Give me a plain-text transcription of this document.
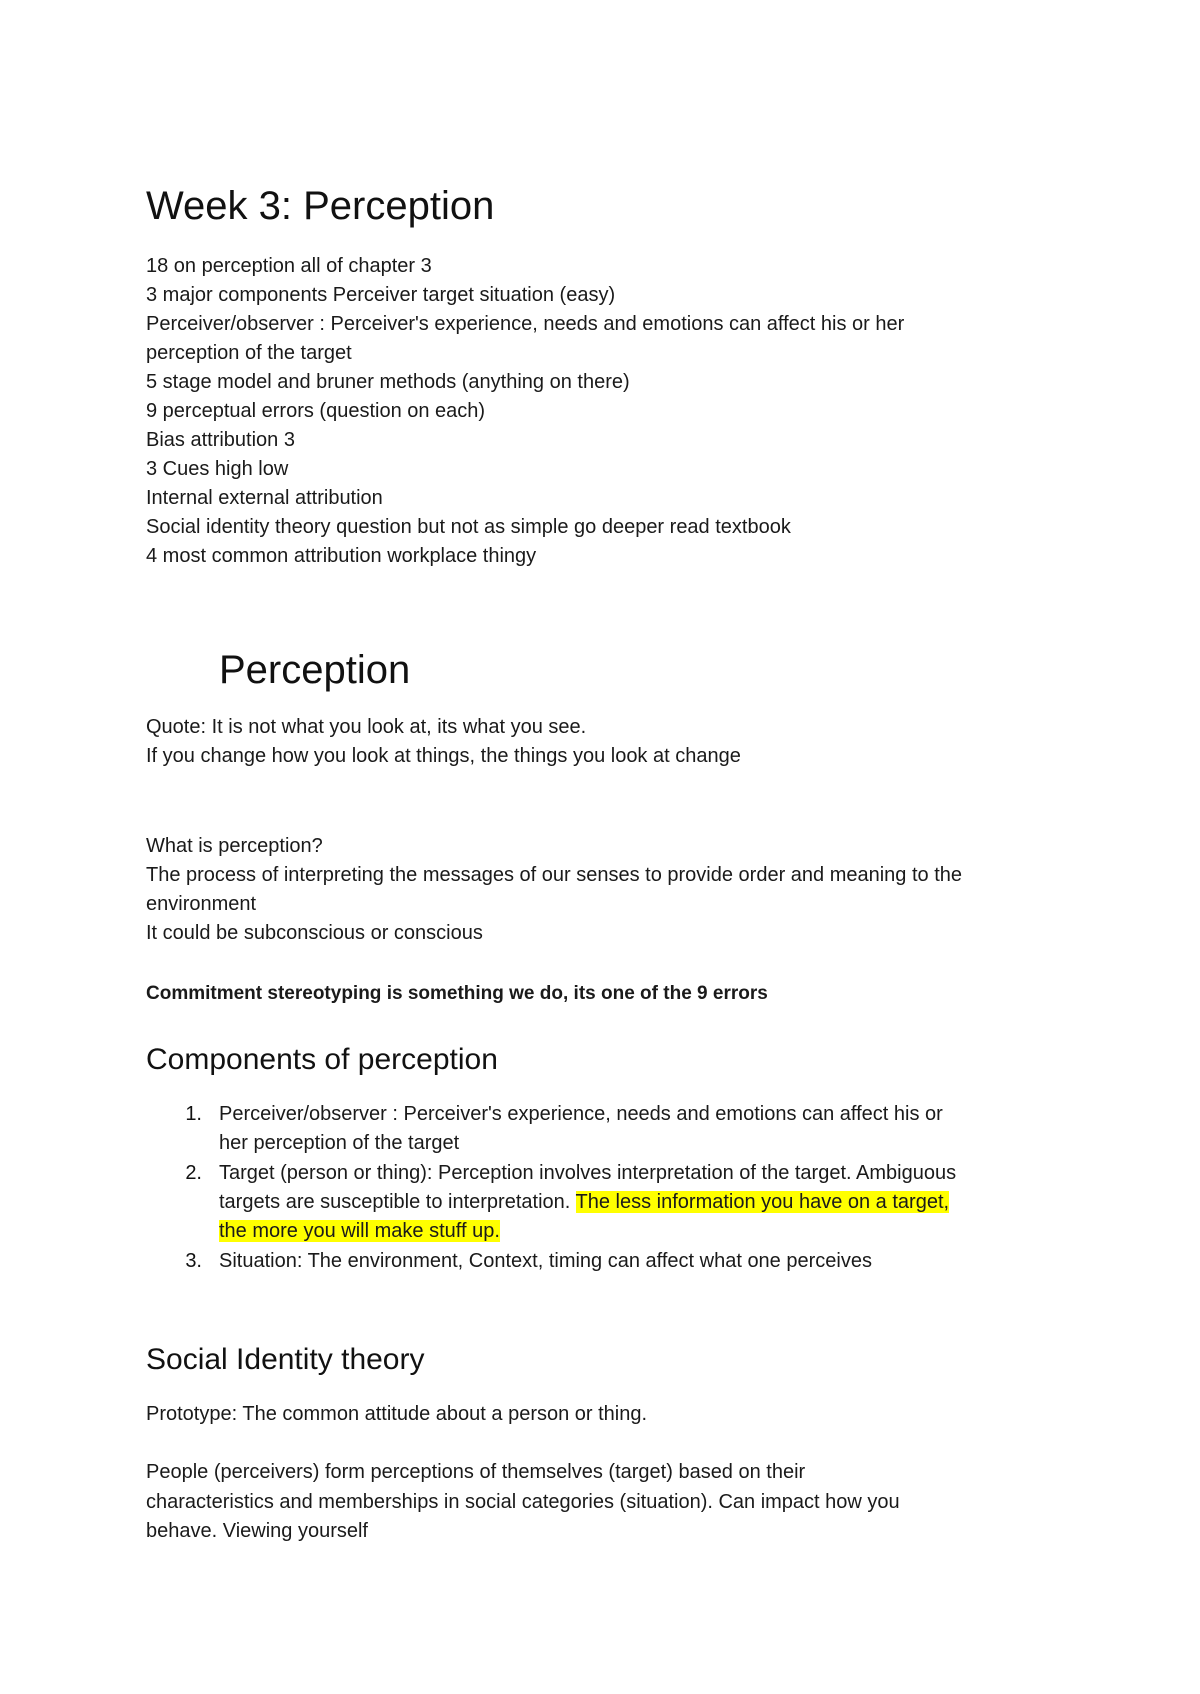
Week 3: Perception
18 on perception all of chapter 3
3 major components Perceiver target situation (easy)
Perceiver/observer : Perceiver's experience, needs and emotions can affect his or her
perception of the target
5 stage model and bruner methods (anything on there)
9 perceptual errors (question on each)
Bias attribution 3
3 Cues high low
Internal external attribution
Social identity theory question but not as simple go deeper read textbook
4 most common attribution workplace thingy
Perception
Quote: It is not what you look at, its what you see.
If you change how you look at things, the things you look at change
What is perception?
The process of interpreting the messages of our senses to provide order and meaning to the
environment
It could be subconscious or conscious
Commitment stereotyping is something we do, its one of the 9 errors
Components of perception
1. Perceiver/observer : Perceiver's experience, needs and emotions can affect his or
her perception of the target
2. Target (person or thing): Perception involves interpretation of the target. Ambiguous
targets are susceptible to interpretation. The less information you have on a target,
the more you will make stuff up.
3. Situation: The environment, Context, timing can affect what one perceives
Social Identity theory
Prototype: The common attitude about a person or thing.
People (perceivers) form perceptions of themselves (target) based on their
characteristics and memberships in social categories (situation). Can impact how you
behave. Viewing yourself
